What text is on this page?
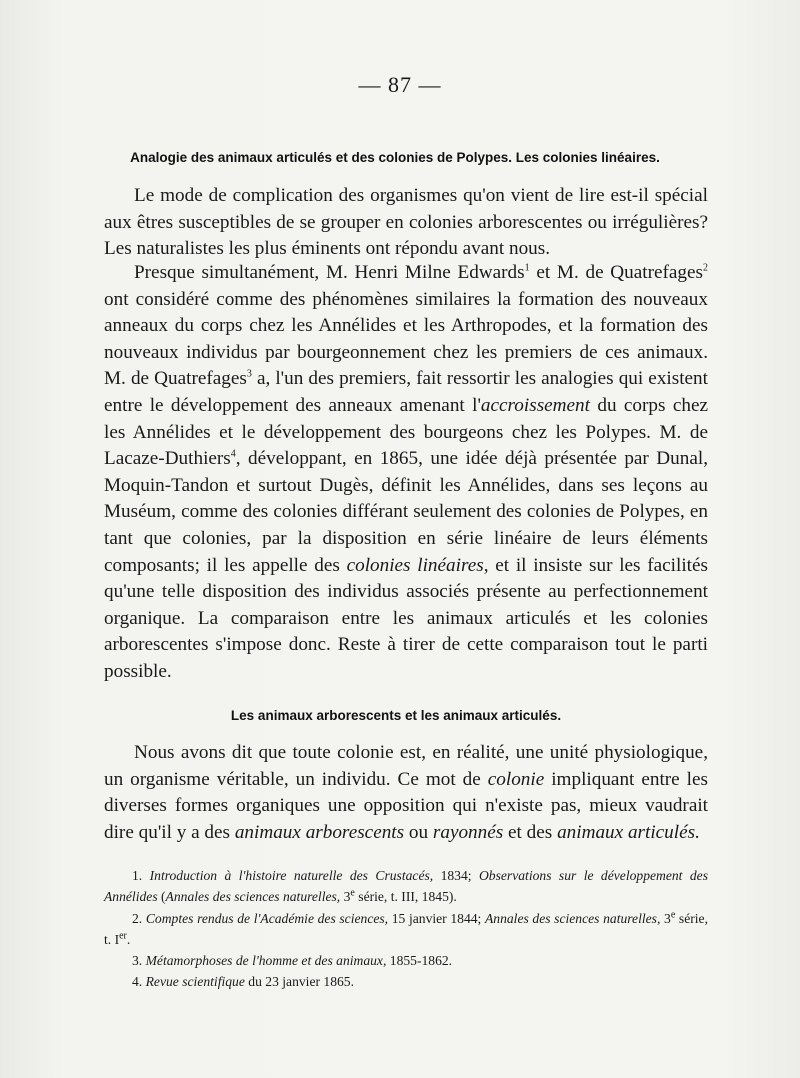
— 87 —
Analogie des animaux articulés et des colonies de Polypes. Les colonies linéaires.

Le mode de complication des organismes qu'on vient de lire est-il spécial aux êtres susceptibles de se grouper en colonies arborescentes ou irrégulières? Les naturalistes les plus éminents ont répondu avant nous.

Presque simultanément, M. Henri Milne Edwards$^1$ et M. de Quatrefages$^2$ ont considéré comme des phénomènes similaires la formation des nouveaux anneaux du corps chez les Annélides et les Arthropodes, et la formation des nouveaux individus par bourgeonnement chez les premiers de ces animaux. M. de Quatrefages$^3$ a, l'un des premiers, fait ressortir les analogies qui existent entre le développement des anneaux amenant l'accroissement du corps chez les Annélides et le développement des bourgeons chez les Polypes. M. de Lacaze-Duthiers$^4$, développant, en 1865, une idée déjà présentée par Dunal, Moquin-Tandon et surtout Dugès, définit les Annélides, dans ses leçons au Muséum, comme des colonies différant seulement des colonies de Polypes, en tant que colonies, par la disposition en série linéaire de leurs éléments composants; il les appelle des colonies linéaires, et il insiste sur les facilités qu'une telle disposition des individus associés présente au perfectionnement organique. La comparaison entre les animaux articulés et les colonies arborescentes s'impose donc. Reste à tirer de cette comparaison tout le parti possible.

Les animaux arborescents et les animaux articulés.

Nous avons dit que toute colonie est, en réalité, une unité physiologique, un organisme véritable, un individu. Ce mot de colonie impliquant entre les diverses formes organiques une opposition qui n'existe pas, mieux vaudrait dire qu'il y a des animaux arborescents ou rayonnés et des animaux articulés.

1. Introduction à l'histoire naturelle des Crustacés, 1834; Observations sur le développement des Annélides (Annales des sciences naturelles, 3e série, t. III, 1845).

2. Comptes rendus de l'Académie des sciences, 15 janvier 1844; Annales des sciences naturelles, 3e série, t. Ier.

3. Métamorphoses de l'homme et des animaux, 1855-1862.

4. Revue scientifique du 23 janvier 1865.
